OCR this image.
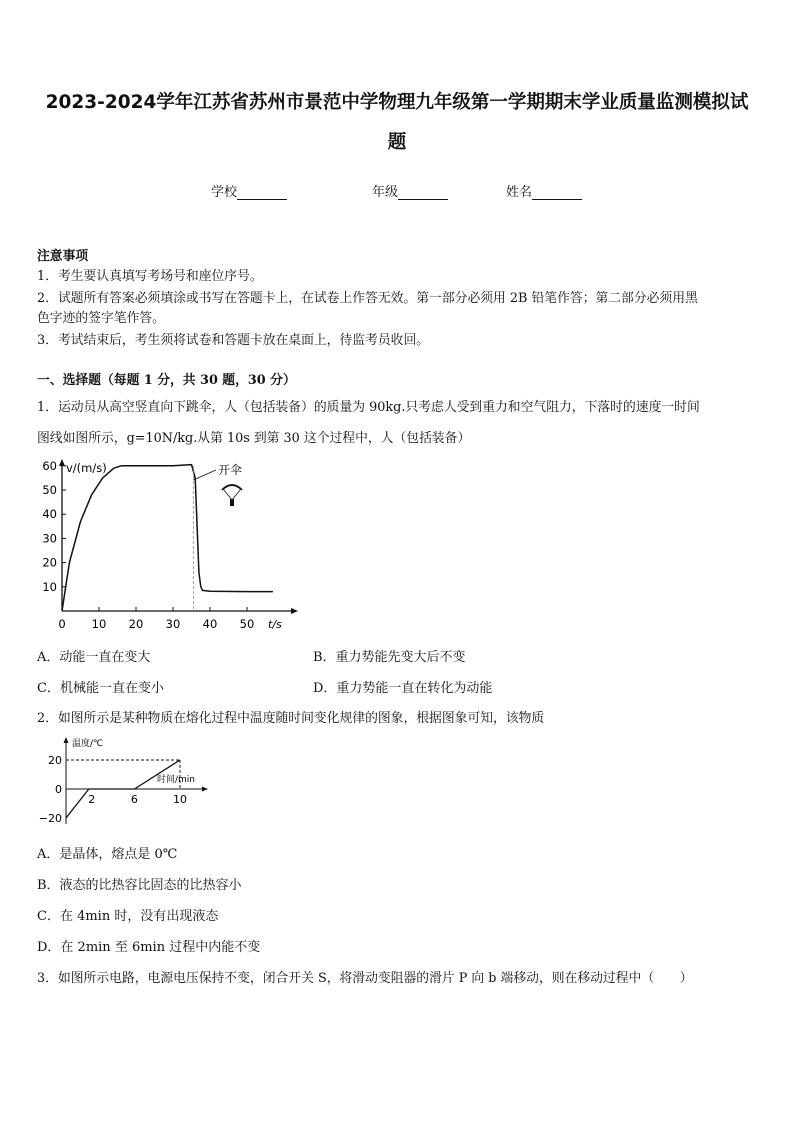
2023-2024学年江苏省苏州市景范中学物理九年级第一学期期末学业质量监测模拟试
题
学校	年级	姓名
注意事项
1．考生要认真填写考场号和座位序号。
2．试题所有答案必须填涂或书写在答题卡上，在试卷上作答无效。第一部分必须用 2B 铅笔作答；第二部分必须用黑
色字迹的签字笔作答。
3．考试结束后，考生须将试卷和答题卡放在桌面上，待监考员收回。
一、选择题（每题 1 分，共 30 题，30 分）
1．运动员从高空竖直向下跳伞，人（包括装备）的质量为 90kg.只考虑人受到重力和空气阻力，下落时的速度一时间
图线如图所示，g=10N/kg.从第 10s 到第 30 这个过程中，人（包括装备）
10
20
30
40
50
60
0 10 20 30 40 50 t/s
v/(m/s)	开伞
A．动能一直在变大	B．重力势能先变大后不变
C．机械能一直在变小	D．重力势能一直在转化为动能
2．如图所示是某种物质在熔化过程中温度随时间变化规律的图象，根据图象可知，该物质
温度/℃
时间/min
20
0
−20
2	6	10
A．是晶体，熔点是 0℃
B．液态的比热容比固态的比热容小
C．在 4min 时，没有出现液态
D．在 2min 至 6min 过程中内能不变
3．如图所示电路，电源电压保持不变，闭合开关 S，将滑动变阻器的滑片 P 向 b 端移动，则在移动过程中（　　）
